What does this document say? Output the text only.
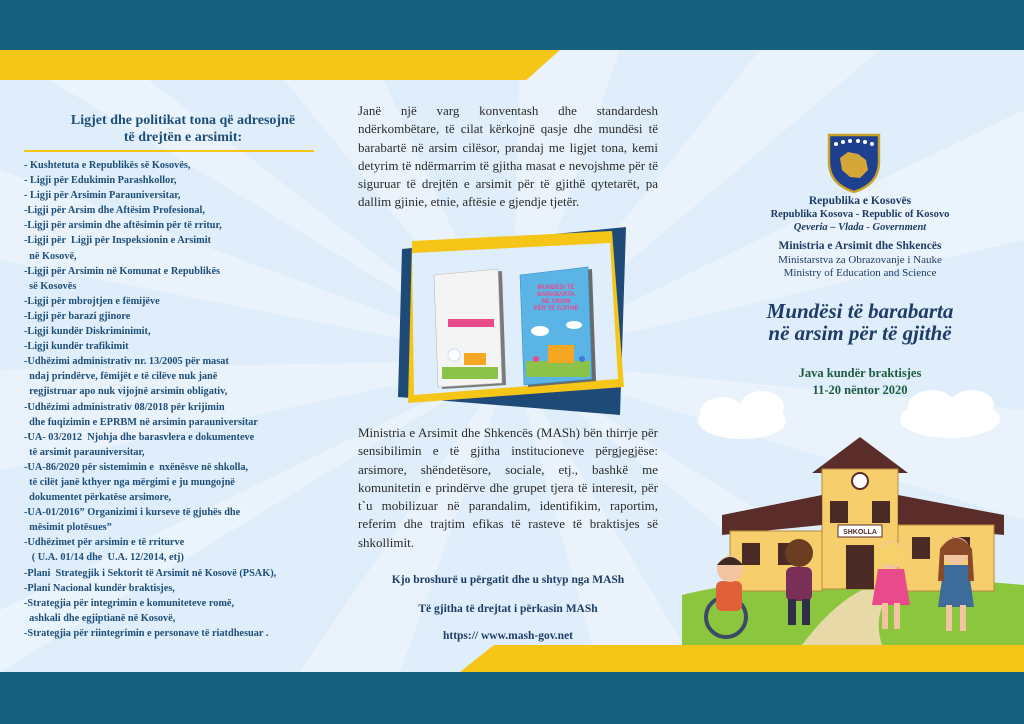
Ligjet dhe politikat tona që adresojnë
të drejtën e arsimit:
- Kushtetuta e Republikës së Kosovës,
- Ligji për Edukimin Parashkollor,
- Ligji për Arsimin Parauniversitar,
-Ligji për Arsim dhe Aftësim Profesional,
-Ligji për arsimin dhe aftësimin për të rritur,
-Ligji për  Ligji për Inspeksionin e Arsimit
në Kosovë,
-Ligji për Arsimin në Komunat e Republikës
së Kosovës
-Ligji për mbrojtjen e fëmijëve
-Ligji për barazi gjinore
-Ligji kundër Diskriminimit,
-Ligji kundër trafikimit
-Udhëzimi administrativ nr. 13/2005 për masat
ndaj prindërve, fëmijët e të cilëve nuk janë
regjistruar apo nuk vijojnë arsimin obligativ,
-Udhëzimi administrativ 08/2018 për krijimin
dhe fuqizimin e EPRBM në arsimin parauniversitar
-UA- 03/2012  Njohja dhe barasvlera e dokumenteve
të arsimit parauniversitar,
-UA-86/2020 për sistemimin e  nxënësve në shkolla,
të cilët janë kthyer nga mërgimi e ju mungojnë
dokumentet përkatëse arsimore,
-UA-01/2016” Organizimi i kurseve të gjuhës dhe
mësimit plotësues”
-Udhëzimet për arsimin e të rriturve
( U.A. 01/14 dhe  U.A. 12/2014, etj)
-Plani  Strategjik i Sektorit të Arsimit në Kosovë (PSAK),
-Plani Nacional kundër braktisjes,
-Strategjia për integrimin e komuniteteve romë,
ashkali dhe egjiptianë në Kosovë,
-Strategjia për riintegrimin e personave të riatdhesuar .

Janë një varg konventash dhe standardesh ndërkombëtare, të cilat kërkojnë qasje dhe mundësi të barabartë në arsim cilësor, prandaj me ligjet tona, kemi detyrim të ndërmarrim të gjitha masat e nevojshme për të siguruar të drejtën e arsimit për të gjithë qytetarët, pa dallim gjinie, etnie, aftësie e gjendje tjetër.

MUNDËSI TË
BARABARTA
NË ARSIM
PËR TË GJITHË

Ministria e Arsimit dhe Shkencës (MASh) bën thirrje për sensibilimin e të gjitha institucioneve përgjegjëse: arsimore, shëndetësore, sociale, etj., bashkë me komunitetin e prindërve dhe grupet tjera të interesit, për t`u mobilizuar në parandalim, identifikim, raportim, referim dhe trajtim efikas të rasteve të braktisjes së shkollimit.

Kjo broshurë u përgatit dhe u shtyp nga MASh
Të gjitha të drejtat i përkasin MASh
https:// www.mash-gov.net
Republika e Kosovës
Republika Kosova - Republic of Kosovo
Qeveria – Vlada - Government
Ministria e Arsimit dhe Shkencës
Ministarstva za Obrazovanje i Nauke
Ministry of Education and Science
Mundësi të barabarta
në arsim për të gjithë
Java kundër braktisjes
11-20 nëntor 2020
SHKOLLA
